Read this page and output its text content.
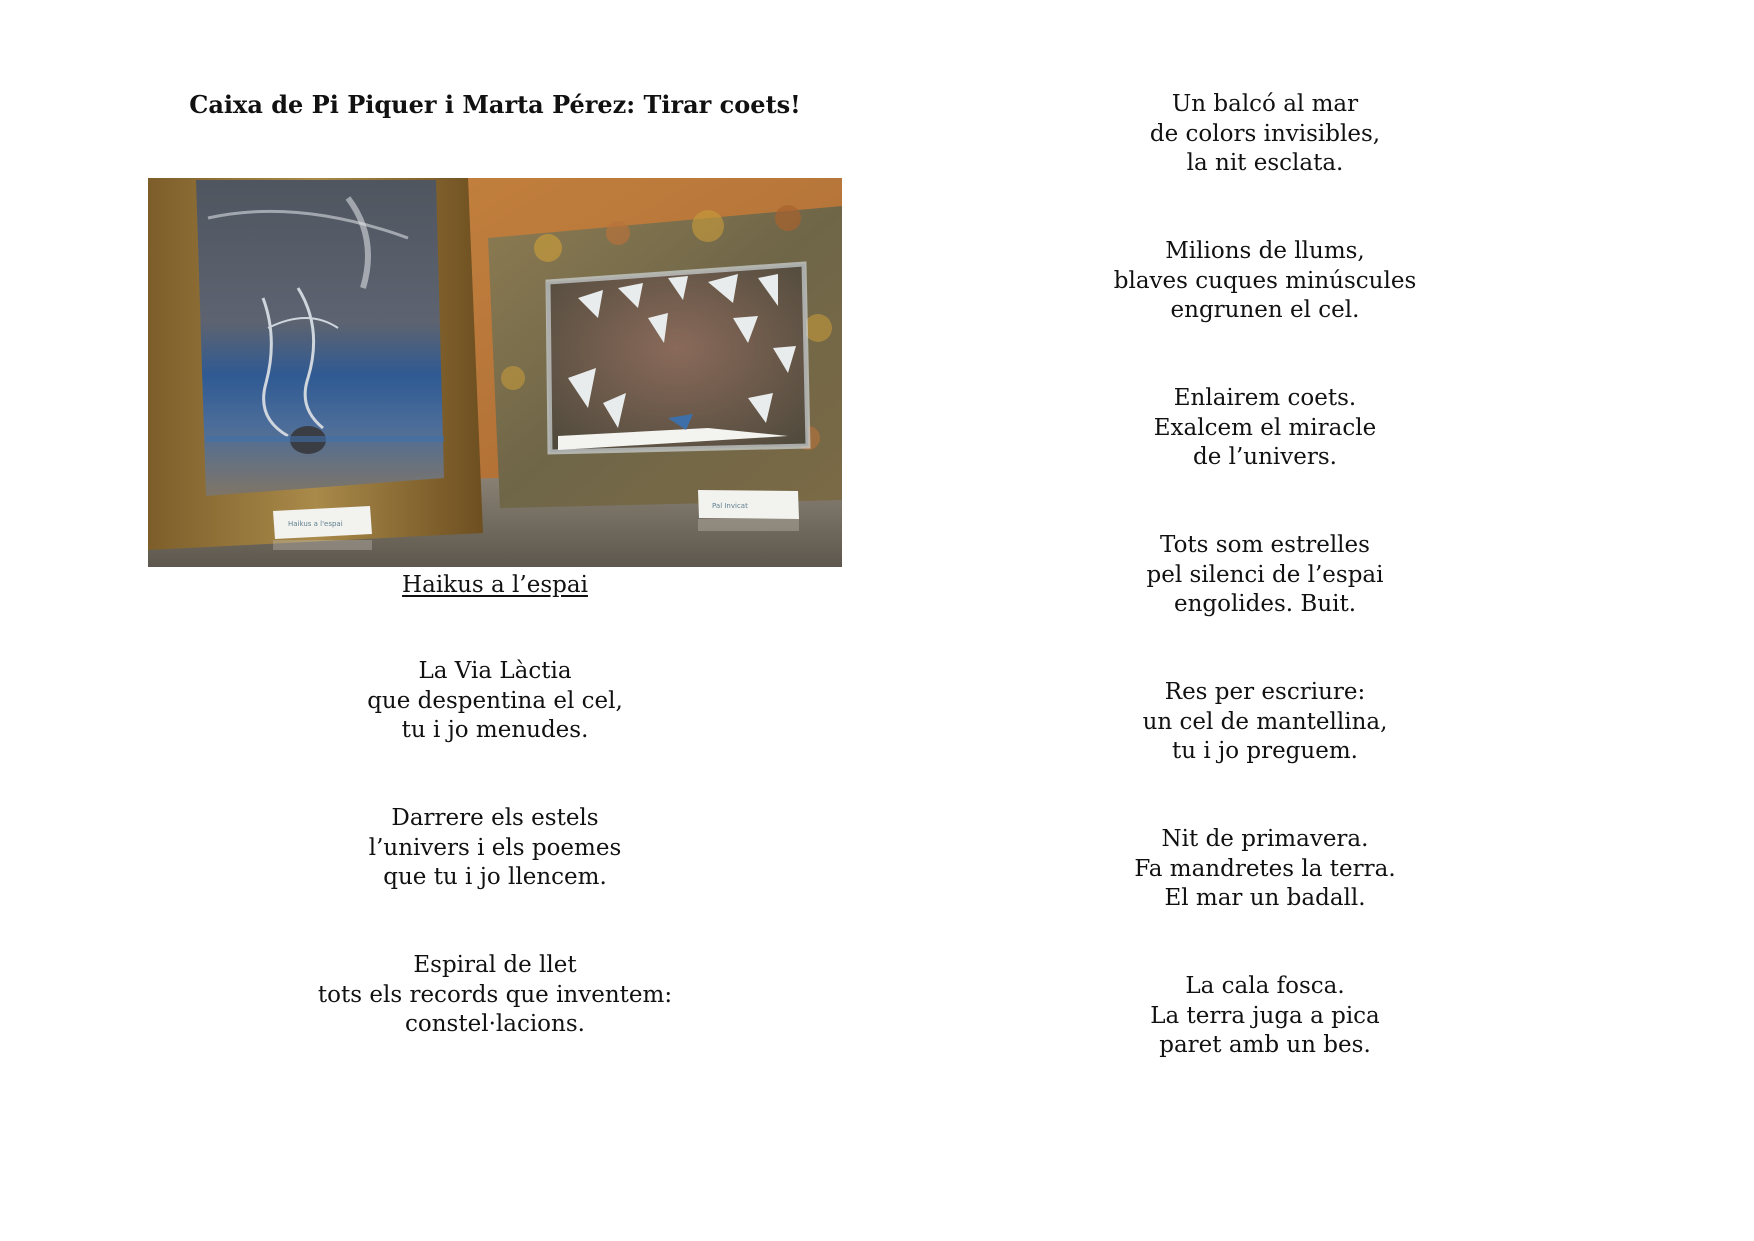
Caixa de Pi Piquer i Marta Pérez: Tirar coets!
Haikus a l'espai
Pal Invicat
Haikus a l’espai
La Via Làctia
que despentina el cel,
tu i jo menudes.
Darrere els estels
l’univers i els poemes
que tu i jo llencem.
Espiral de llet
tots els records que inventem:
constel·lacions.
Un balcó al mar
de colors invisibles,
la nit esclata.
Milions de llums,
blaves cuques minúscules
engrunen el cel.
Enlairem coets.
Exalcem el miracle
de l’univers.
Tots som estrelles
pel silenci de l’espai
engolides. Buit.
Res per escriure:
un cel de mantellina,
tu i jo preguem.
Nit de primavera.
Fa mandretes la terra.
El mar un badall.
La cala fosca.
La terra juga a pica
paret amb un bes.
